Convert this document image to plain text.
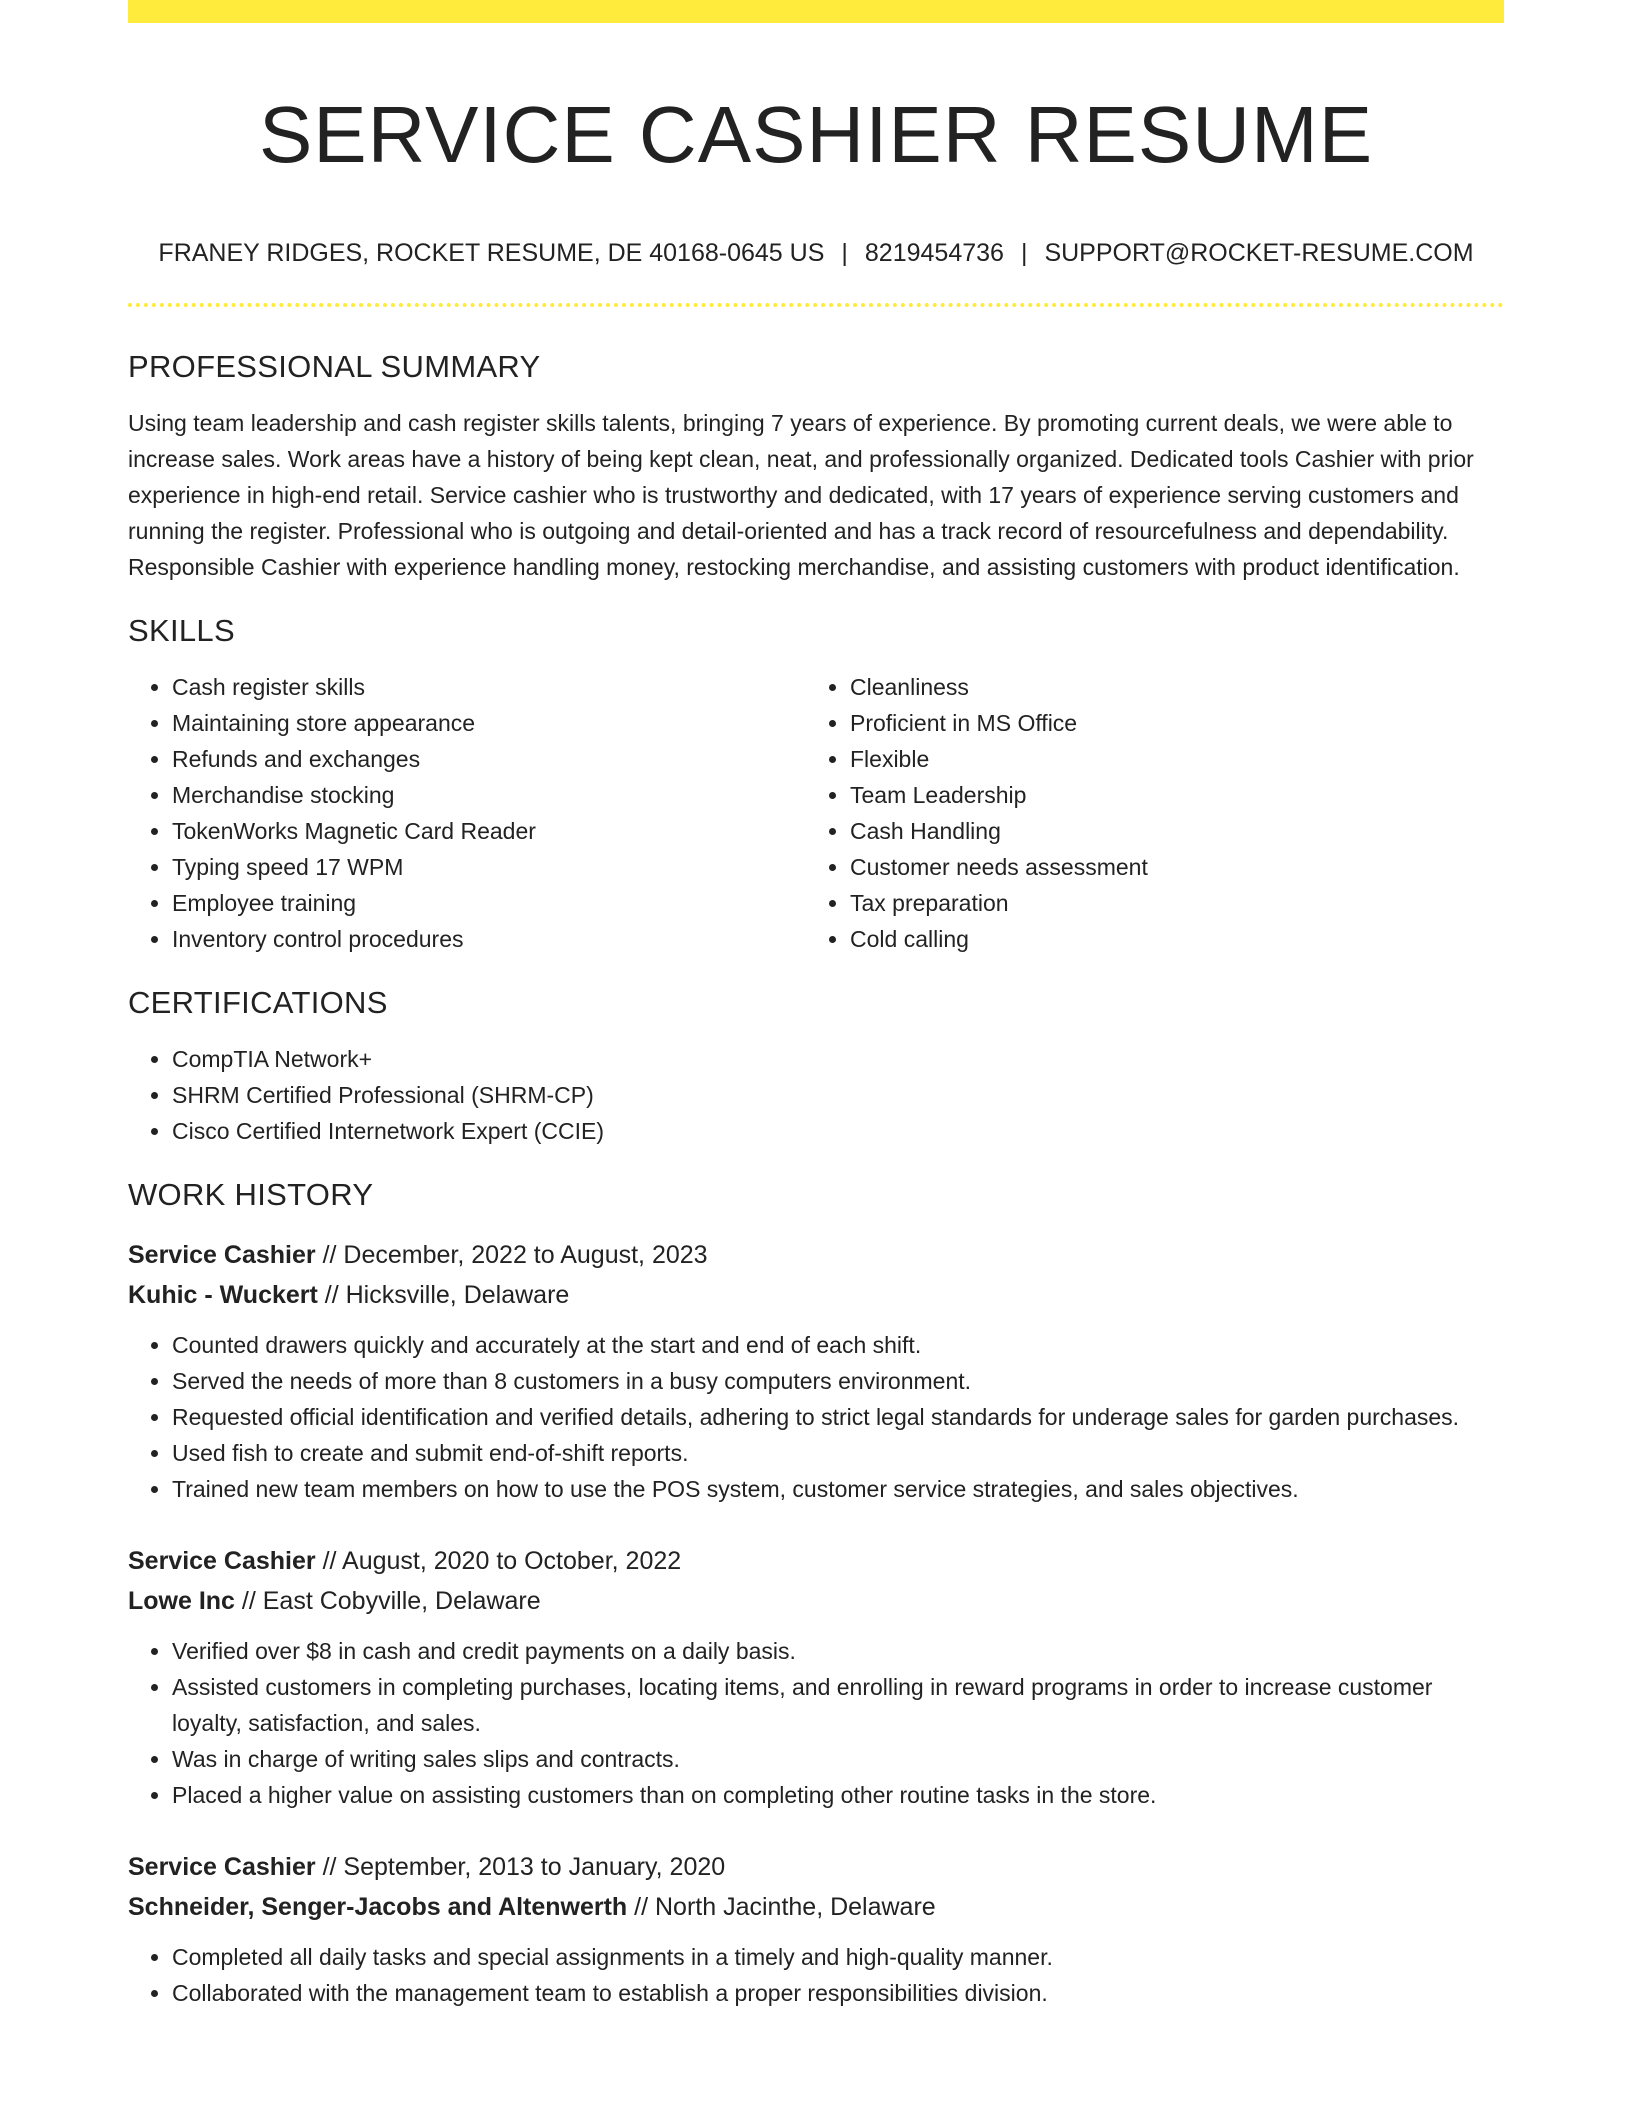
SERVICE CASHIER RESUME
FRANEY RIDGES, ROCKET RESUME, DE 40168-0645 US | 8219454736 | SUPPORT@ROCKET-RESUME.COM
PROFESSIONAL SUMMARY
Using team leadership and cash register skills talents, bringing 7 years of experience. By promoting current deals, we were able to increase sales. Work areas have a history of being kept clean, neat, and professionally organized. Dedicated tools Cashier with prior experience in high-end retail. Service cashier who is trustworthy and dedicated, with 17 years of experience serving customers and running the register. Professional who is outgoing and detail-oriented and has a track record of resourcefulness and dependability. Responsible Cashier with experience handling money, restocking merchandise, and assisting customers with product identification.
SKILLS
• Cash register skills
• Maintaining store appearance
• Refunds and exchanges
• Merchandise stocking
• TokenWorks Magnetic Card Reader
• Typing speed 17 WPM
• Employee training
• Inventory control procedures
• Cleanliness
• Proficient in MS Office
• Flexible
• Team Leadership
• Cash Handling
• Customer needs assessment
• Tax preparation
• Cold calling
CERTIFICATIONS
• CompTIA Network+
• SHRM Certified Professional (SHRM-CP)
• Cisco Certified Internetwork Expert (CCIE)
WORK HISTORY
Service Cashier // December, 2022 to August, 2023
Kuhic - Wuckert // Hicksville, Delaware
• Counted drawers quickly and accurately at the start and end of each shift.
• Served the needs of more than 8 customers in a busy computers environment.
• Requested official identification and verified details, adhering to strict legal standards for underage sales for garden purchases.
• Used fish to create and submit end-of-shift reports.
• Trained new team members on how to use the POS system, customer service strategies, and sales objectives.
Service Cashier // August, 2020 to October, 2022
Lowe Inc // East Cobyville, Delaware
• Verified over $8 in cash and credit payments on a daily basis.
• Assisted customers in completing purchases, locating items, and enrolling in reward programs in order to increase customer loyalty, satisfaction, and sales.
• Was in charge of writing sales slips and contracts.
• Placed a higher value on assisting customers than on completing other routine tasks in the store.
Service Cashier // September, 2013 to January, 2020
Schneider, Senger-Jacobs and Altenwerth // North Jacinthe, Delaware
• Completed all daily tasks and special assignments in a timely and high-quality manner.
• Collaborated with the management team to establish a proper responsibilities division.
